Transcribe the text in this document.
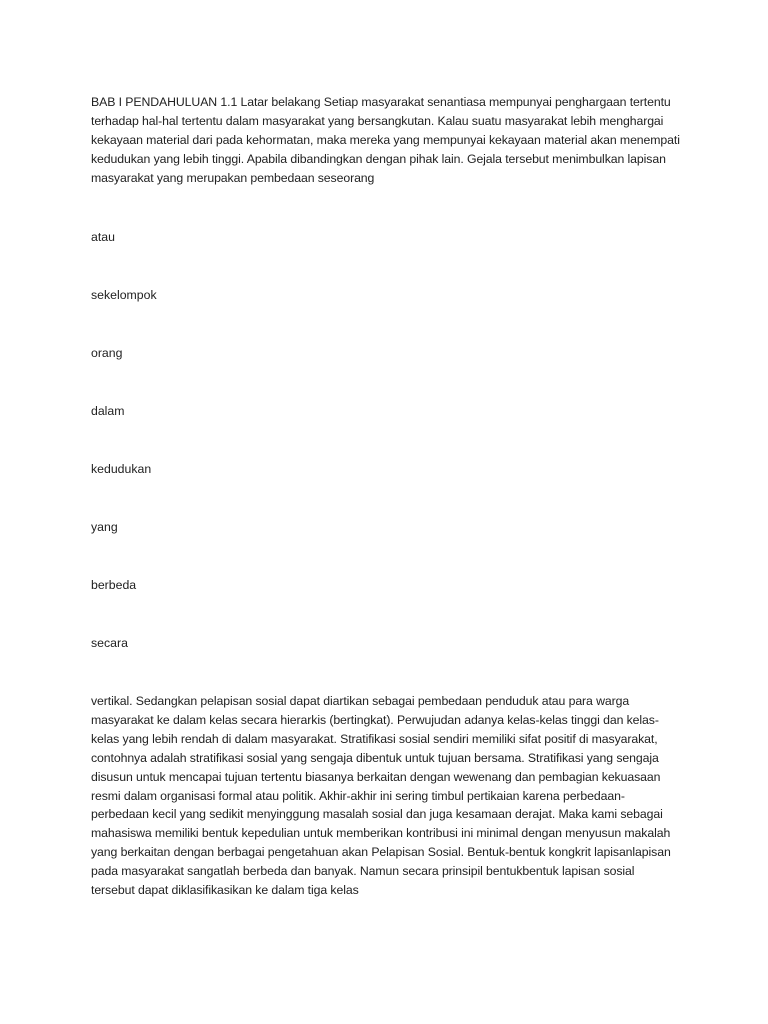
BAB I PENDAHULUAN 1.1 Latar belakang Setiap masyarakat senantiasa mempunyai penghargaan tertentu terhadap hal-hal tertentu dalam masyarakat yang bersangkutan. Kalau suatu masyarakat lebih menghargai kekayaan material dari pada kehormatan, maka mereka yang mempunyai kekayaan material akan menempati kedudukan yang lebih tinggi. Apabila dibandingkan dengan pihak lain. Gejala tersebut menimbulkan lapisan masyarakat yang merupakan pembedaan seseorang

atau

sekelompok

orang

dalam

kedudukan

yang

berbeda

secara

vertikal. Sedangkan pelapisan sosial dapat diartikan sebagai pembedaan penduduk atau para warga masyarakat ke dalam kelas secara hierarkis (bertingkat). Perwujudan adanya kelas-kelas tinggi dan kelas-kelas yang lebih rendah di dalam masyarakat. Stratifikasi sosial sendiri memiliki sifat positif di masyarakat, contohnya adalah stratifikasi sosial yang sengaja dibentuk untuk tujuan bersama. Stratifikasi yang sengaja disusun untuk mencapai tujuan tertentu biasanya berkaitan dengan wewenang dan pembagian kekuasaan resmi dalam organisasi formal atau politik. Akhir-akhir ini sering timbul pertikaian karena perbedaan-perbedaan kecil yang sedikit menyinggung masalah sosial dan juga kesamaan derajat. Maka kami sebagai mahasiswa memiliki bentuk kepedulian untuk memberikan kontribusi ini minimal dengan menyusun makalah yang berkaitan dengan berbagai pengetahuan akan Pelapisan Sosial. Bentuk-bentuk kongkrit lapisanlapisan pada masyarakat sangatlah berbeda dan banyak. Namun secara prinsipil bentukbentuk lapisan sosial tersebut dapat diklasifikasikan ke dalam tiga kelas
